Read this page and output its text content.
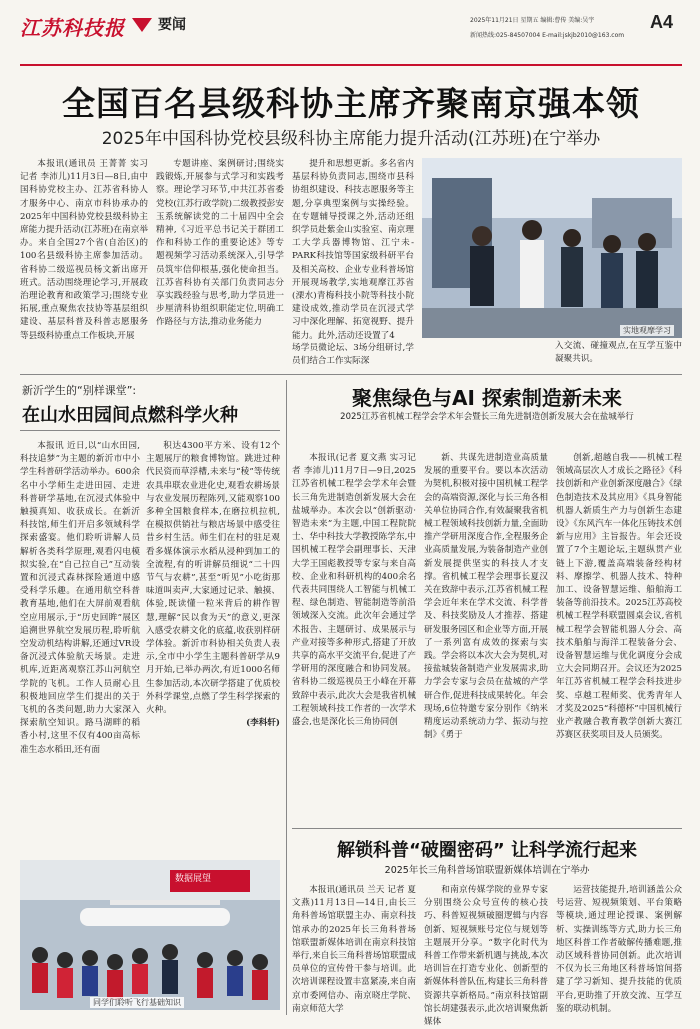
江苏科技报 要闻	2025年11月21日 星期五 编辑:曹传 美编:吴宇
新闻热线:025-84507004 E-mail:jskjb2010@163.com
A4
全国百名县级科协主席齐聚南京强本领
2025年中国科协党校县级科协主席能力提升活动(江苏班)在宁举办

本报讯(通讯员 王菁菁 实习记者 李沛儿)11月3日—8日,由中国科协党校主办、江苏省科协人才服务中心、南京市科协承办的2025年中国科协党校县级科协主席能力提升活动(江苏班)在南京举办。来自全国27个省(自治区)的100名县级科协主席参加活动。省科协二级巡视员杨文新出席开班式。活动围绕理论学习,开展政治理论教育和政策学习;围绕专业拓展,重点聚焦农技协等基层组织建设、基层科普及科普志愿服务等县级科协重点工作板块,开展

专题讲座、案例研讨;围绕实践锻炼,开展参与式学习和实践考察。理论学习环节,中共江苏省委党校(江苏行政学院)二级教授彭安玉系统解读党的二十届四中全会精神,《习近平总书记关于群团工作和科协工作的重要论述》等专题视频学习活动系统深入,引导学员筑牢信仰根基,强化使命担当。江苏省科协有关部门负责同志分享实践经验与思考,助力学员进一步厘清科协组织职能定位,明确工作路径与方法,推动业务能力

提升和思想更新。多名省内基层科协负责同志,围绕市县科协组织建设、科技志愿服务等主题,分享典型案例与实操经验。在专题辅导授课之外,活动还组织学员赴紫金山实验室、南京理工大学兵器博物馆、江宁未-PARK科技馆等国家级科研平台及相关高校、企业专业科普场馆开展现场教学,实地观摩江苏省(溧水)青梅科技小院等科技小院建设成效,推动学员在沉浸式学习中深化理解、拓宽视野、提升能力。此外,活动还设置了4

场学员微论坛、3场分组研讨,学员们结合工作实际深

实地观摩学习

入交流、碰撞观点,在互学互鉴中凝聚共识。

新沂学生的“别样课堂”:
在山水田园间点燃科学火种

本报讯 近日,以“山水田园,科技追梦”为主题的新沂市中小学生科普研学活动举办。600余名中小学师生走进田园、走进科普研学基地,在沉浸式体验中触摸真知、收获成长。在新沂科技馆,师生们开启多领域科学探索盛宴。他们聆听讲解人员解析各类科学原理,观看闪电模拟实验,在“自己拉自己”互动装置和沉浸式森林探险通道中感受科学乐趣。在通用航空科普教育基地,他们在大屏前观看航空应用展示,于“历史回眸”展区追溯世界航空发展历程,聆听航空发动机结构讲解,还通过VR设备沉浸式体验航天场景。走进机库,近距离观察江苏山河航空学院的飞机。工作人员耐心且积极地回应学生们提出的关于飞机的各类问题,助力大家深入探索航空知识。路马湖畔的稻香小村,这里不仅有400亩高标准生态水稻田,还有面

积达4300平方米、设有12个主题展厅的粮食博物馆。跳进过种代民资而草浮槽,未来与“稜”等传统农具串联农业进化史,观看农耕场景与农业发展历程陈列,又能观察100多种全国粮食样本,在磨拉机拉机,在模拟供销社与粮店场景中感受往昔乡村生活。师生们在村的驻足观看多媒体演示水稻从浸种到加工的全流程,有的听讲解员细说“二十四节气与农耕”,甚至“听见”小吃街那味道叫卖声,大家通过记录、触摸、体验,既读懂一粒米背后的耕作智慧,理解“民以食为天”的意义,更深入感受农耕文化的底蕴,收获别样研学体验。新沂市科协相关负责人表示,全市中小学生主题科普研学从9月开始,已举办两次,有近1000名师生参加活动,本次研学搭建了优质校外科学课堂,点燃了学生科学探索的火种。

(李科轩)

数据展望
同学们聆听飞行基础知识
聚焦绿色与AI 探索制造新未来
2025江苏省机械工程学会学术年会暨长三角先进制造创新发展大会在盐城举行

本报讯(记者 夏文燕 实习记者 李沛儿)11月7日—9日,2025江苏省机械工程学会学术年会暨长三角先进制造创新发展大会在盐城举办。本次会以“创新驱动·智造未来”为主题,中国工程院院士、华中科技大学教授陈学东,中国机械工程学会副理事长、天津大学王国彪教授等专家与来自高校、企业和科研机构的400余名代表共同围绕人工智能与机械工程、绿色制造、智能制造等前沿领域深入交流。此次年会通过学术报告、主题研讨、成果展示与产业对接等多种形式,搭建了开放共享的高水平交流平台,促进了产学研用的深度融合和协同发展。省科协二级巡视员王小峰在开幕致辞中表示,此次大会是我省机械工程领域科技工作者的一次学术盛会,也是深化长三角协同创

新、共谋先进制造业高质量发展的重要平台。要以本次活动为契机,积极对接中国机械工程学会的高端资源,深化与长三角各相关单位协同合作,有效凝聚我省机械工程领域科技创新力量,全面助推产学研用深度合作,全程服务企业高质量发展,为装备制造产业创新发展提供坚实的科技人才支撑。省机械工程学会理事长夏汉关在致辞中表示,江苏省机械工程学会近年来在学术交流、科学普及、科技奖励及人才推荐、搭建研发服务园区和企业等方面,开展了一系列富有成效的探索与实践。学会将以本次大会为契机,对接盐城装备制造产业发展需求,助力学会专家与会员在盐城的产学研合作,促进科技成果转化。年会现场,6位特邀专家分别作《纳米精度运动系统动力学、振动与控制》《勇于

创新,超越自我——机械工程领域高层次人才成长之路径》《科技创新和产业创新深度融合》《绿色制造技术及其应用》《具身智能机器人新质生产力与创新生态建设》《东风汽车一体化压铸技术创新与应用》主旨报告。年会还设置了7个主题论坛,主题纵贯产业链上下游,覆盖高端装备经构材料、摩擦学、机器人技术、特种加工、设备智慧运维、船舶海工装备等前沿技术。2025江苏高校机械工程学科联盟圆桌会议,省机械工程学会智能机器人分会、高技术船舶与海洋工程装备分会、设备智慧运维与优化调度分会成立大会同期召开。会议还为2025年江苏省机械工程学会科技进步奖、卓越工程师奖、优秀青年人才奖及2025“科德杯”中国机械行业产教融合教育教学创新大赛江苏赛区获奖项目及人员颁奖。

解锁科普“破圈密码” 让科学流行起来
2025年长三角科普场馆联盟新媒体培训在宁举办

本报讯(通讯员 兰天 记者 夏文燕)11月13日—14日,由长三角科普场馆联盟主办、南京科技馆承办的2025年长三角科普场馆联盟新媒体培训在南京科技馆举行,来自长三角科普场馆联盟成员单位的宣传骨干参与培训。此次培训课程设置丰富紧凑,来自南京市委网信办、南京晓庄学院、南京师范大学

和南京传媒学院的业界专家分别围绕公众号宣传的核心技巧、科普短视频破圈逻辑与内容创新、短视频账号定位与规划等主题展开分享。“数字化时代为科普工作带来新机遇与挑战,本次培训旨在打造专业化、创新型的新媒体科普队伍,构建长三角科普资源共享新格局。”南京科技馆副馆长胡建强表示,此次培训聚焦新媒体

运营技能提升,培训涵盖公众号运营、短视频策划、平台策略等模块,通过理论授课、案例解析、实操训练等方式,助力长三角地区科普工作者破解传播难题,推动区域科普协同创新。此次培训不仅为长三角地区科普场馆间搭建了学习新知、提升技能的优质平台,更助推了开放交流、互学互鉴的联动机制。
